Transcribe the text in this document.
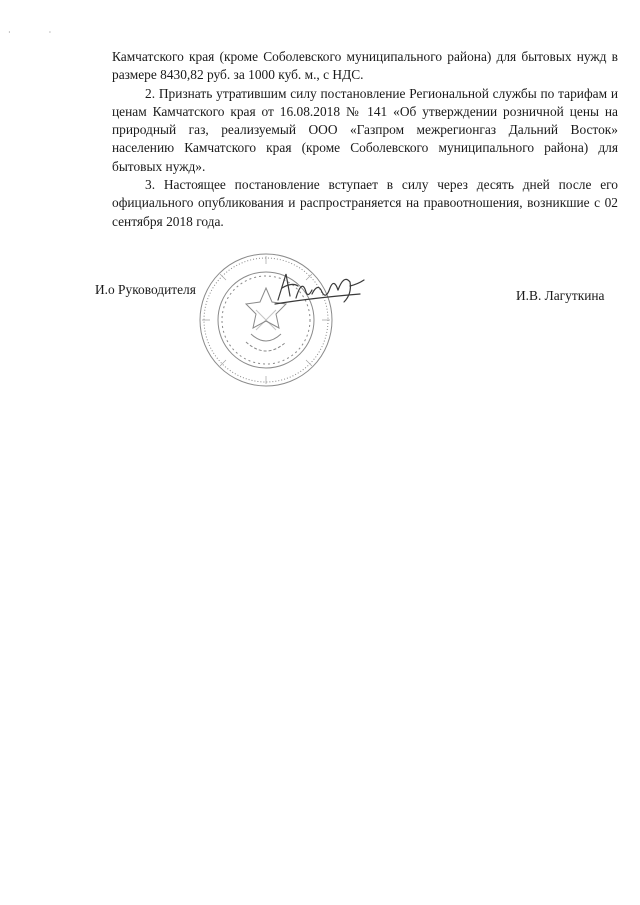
· ·

Камчатского края (кроме Соболевского муниципального района) для бытовых нужд в размере 8430,82 руб. за 1000 куб. м., с НДС.

2. Признать утратившим силу постановление Региональной службы по тарифам и ценам Камчатского края от 16.08.2018 № 141 «Об утверждении розничной цены на природный газ, реализуемый ООО «Газпром межрегионгаз Дальний Восток» населению Камчатского края (кроме Соболевского муниципального района) для бытовых нужд».

3. Настоящее постановление вступает в силу через десять дней после его официального опубликования и распространяется на правоотношения, возникшие с 02 сентября 2018 года.

И.о Руководителя	И.В. Лагуткина
